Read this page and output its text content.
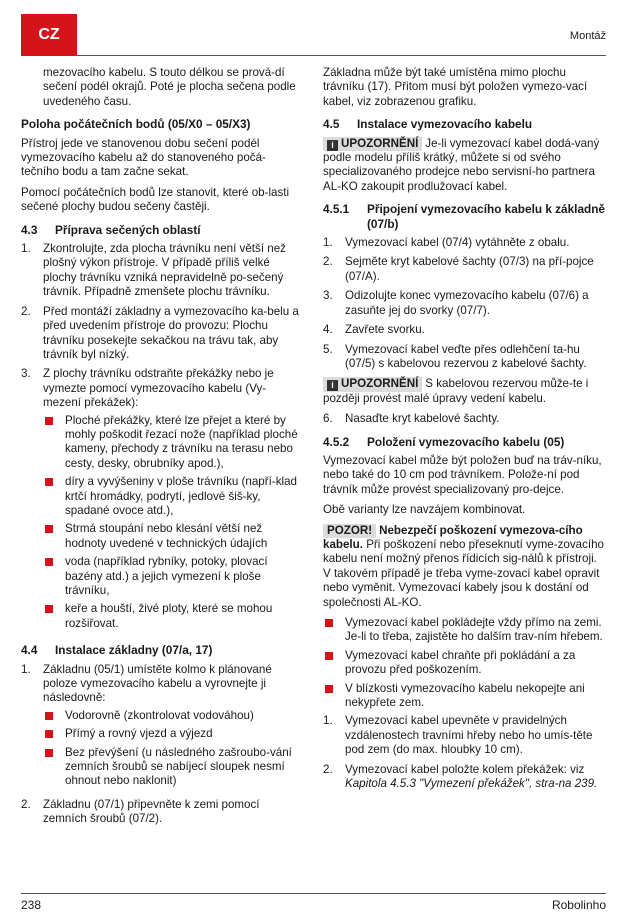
CZ	Montáž

mezovacího kabelu. S touto délkou se prová-dí sečení podél okrajů. Poté je plocha sečena podle uvedeného času.

Poloha počátečních bodů (05/X0 – 05/X3)

Přístroj jede ve stanovenou dobu sečení podél vymezovacího kabelu až do stanoveného počá-tečního bodu a tam začne sekat.

Pomocí počátečních bodů lze stanovit, které ob-lasti sečené plochy budou sečeny častěji.

4.3	Příprava sečených oblastí
1.	Zkontrolujte, zda plocha trávníku není větší než plošný výkon přístroje. V případě příliš velké plochy trávníku vzniká nepravidelně po-sečený trávník. Případně zmenšete plochu trávníku.
2.	Před montáží základny a vymezovacího ka-belu a před uvedením přístroje do provozu: Plochu trávníku posekejte sekačkou na trávu tak, aby trávník byl nízký.
3.	Z plochy trávníku odstraňte překážky nebo je vymezte pomocí vymezovacího kabelu (Vy-mezení překážek):
Ploché překážky, které lze přejet a které by mohly poškodit řezací nože (například ploché kameny, přechody z trávníku na terasu nebo cesty, desky, obrubníky apod.),
díry a vyvýšeniny v ploše trávníku (napří-klad krtčí hromádky, podrytí, jedlové šiš-ky, spadané ovoce atd.),
Strmá stoupání nebo klesání větší než hodnoty uvedené v technických údajích
voda (například rybníky, potoky, plovací bazény atd.) a jejich vymezení k ploše trávníku,
keře a houští, živé ploty, které se mohou rozšiřovat.
4.4	Instalace základny (07/a, 17)
1.	Základnu (05/1) umístěte kolmo k plánované poloze vymezovacího kabelu a vyrovnejte ji následovně:
Vodorovně (zkontrolovat vodováhou)
Přímý a rovný vjezd a výjezd
Bez převýšení (u následného zašroubo-vání zemních šroubů se nabíjecí sloupek nesmí ohnout nebo naklonit)
2.	Základnu (07/1) připevněte k zemi pomocí zemních šroubů (07/2).

Základna může být také umístěna mimo plochu trávníku (17). Přitom musí být položen vymezo-vací kabel, viz zobrazenou grafiku.

4.5	Instalace vymezovacího kabelu

i UPOZORNĚNÍ Je-li vymezovací kabel dodá-vaný podle modelu příliš krátký, můžete si od svého specializovaného prodejce nebo servisní-ho partnera AL-KO zakoupit prodlužovací kabel.

4.5.1	Připojení vymezovacího kabelu k základně (07/b)
1.	Vymezovací kabel (07/4) vytáhněte z obalu.
2.	Sejměte kryt kabelové šachty (07/3) na pří-pojce (07/A).
3.	Odizolujte konec vymezovacího kabelu (07/6) a zasuňte jej do svorky (07/7).
4.	Zavřete svorku.
5.	Vymezovací kabel veďte přes odlehčení ta-hu (07/5) s kabelovou rezervou z kabelové šachty.

i UPOZORNĚNÍ S kabelovou rezervou může-te i později provést malé úpravy vedení kabelu.

6.	Nasaďte kryt kabelové šachty.
4.5.2	Položení vymezovacího kabelu (05)

Vymezovací kabel může být položen buď na tráv-níku, nebo také do 10 cm pod trávníkem. Polože-ní pod trávník může provést specializovaný pro-dejce.

Obě varianty lze navzájem kombinovat.

POZOR! Nebezpečí poškození vymezova-cího kabelu. Při poškození nebo přeseknutí vyme-zovacího kabelu není možný přenos řídicích sig-nálů k přístroji. V takovém případě je třeba vyme-zovací kabel opravit nebo vyměnit. Vymezovací kabely jsou k dostání od společnosti AL-KO.

Vymezovací kabel pokládejte vždy přímo na zemi. Je-li to třeba, zajistěte ho dalším trav-ním hřebem.
Vymezovací kabel chraňte při pokládání a za provozu před poškozením.
V blízkosti vymezovacího kabelu nekopejte ani nekypřete zem.
1.	Vymezovací kabel upevněte v pravidelných vzdálenostech travními hřeby nebo ho umís-těte pod zem (do max. hloubky 10 cm).
2.	Vymezovací kabel položte kolem překážek: viz Kapitola 4.5.3 "Vymezení překážek", stra-na 239.
238	Robolinho
